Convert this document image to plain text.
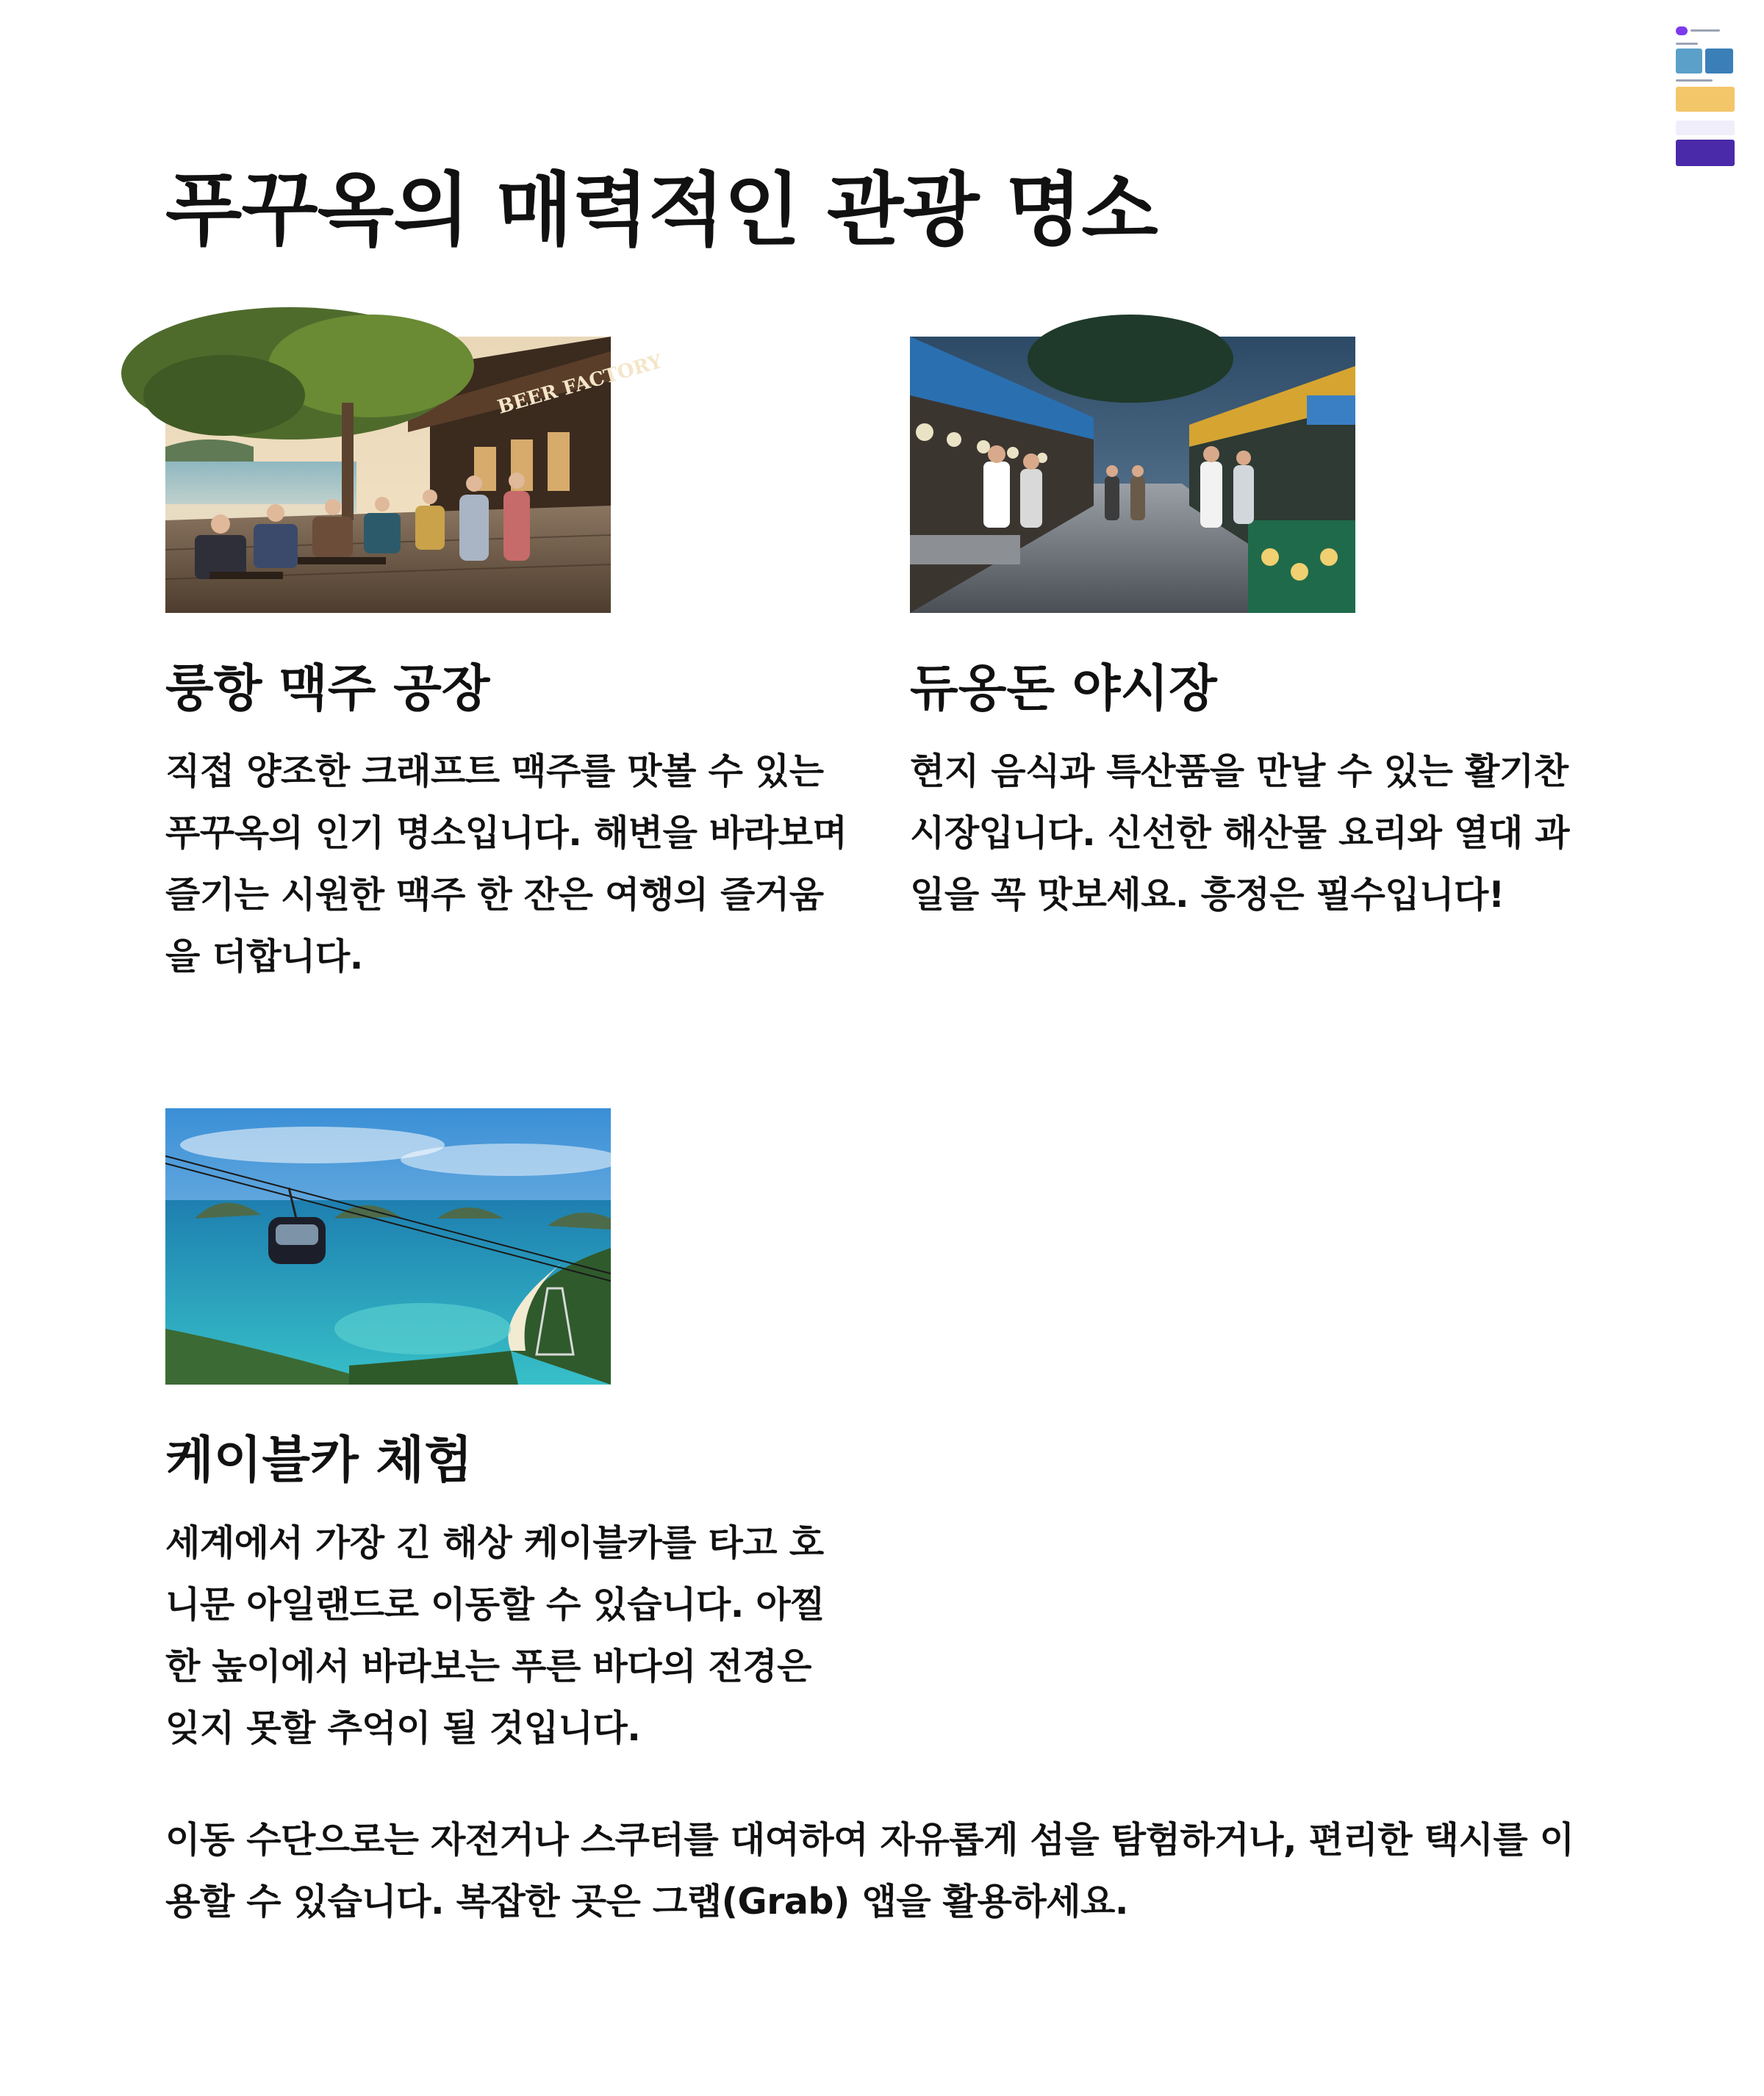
푸꾸옥의 매력적인 관광 명소
BEER FACTORY
룽항 맥주 공장

직접 양조한 크래프트 맥주를 맛볼 수 있는 푸꾸옥의 인기 명소입니다. 해변을 바라보며 즐기는 시원한 맥주 한 잔은 여행의 즐거움을 더합니다.

듀옹돈 야시장

현지 음식과 특산품을 만날 수 있는 활기찬 시장입니다. 신선한 해산물 요리와 열대 과일을 꼭 맛보세요. 흥정은 필수입니다!

케이블카 체험

세계에서 가장 긴 해상 케이블카를 타고 호니문 아일랜드로 이동할 수 있습니다. 아찔한 높이에서 바라보는 푸른 바다의 전경은 잊지 못할 추억이 될 것입니다.

이동 수단으로는 자전거나 스쿠터를 대여하여 자유롭게 섬을 탐험하거나, 편리한 택시를 이용할 수 있습니다. 복잡한 곳은 그랩(Grab) 앱을 활용하세요.
